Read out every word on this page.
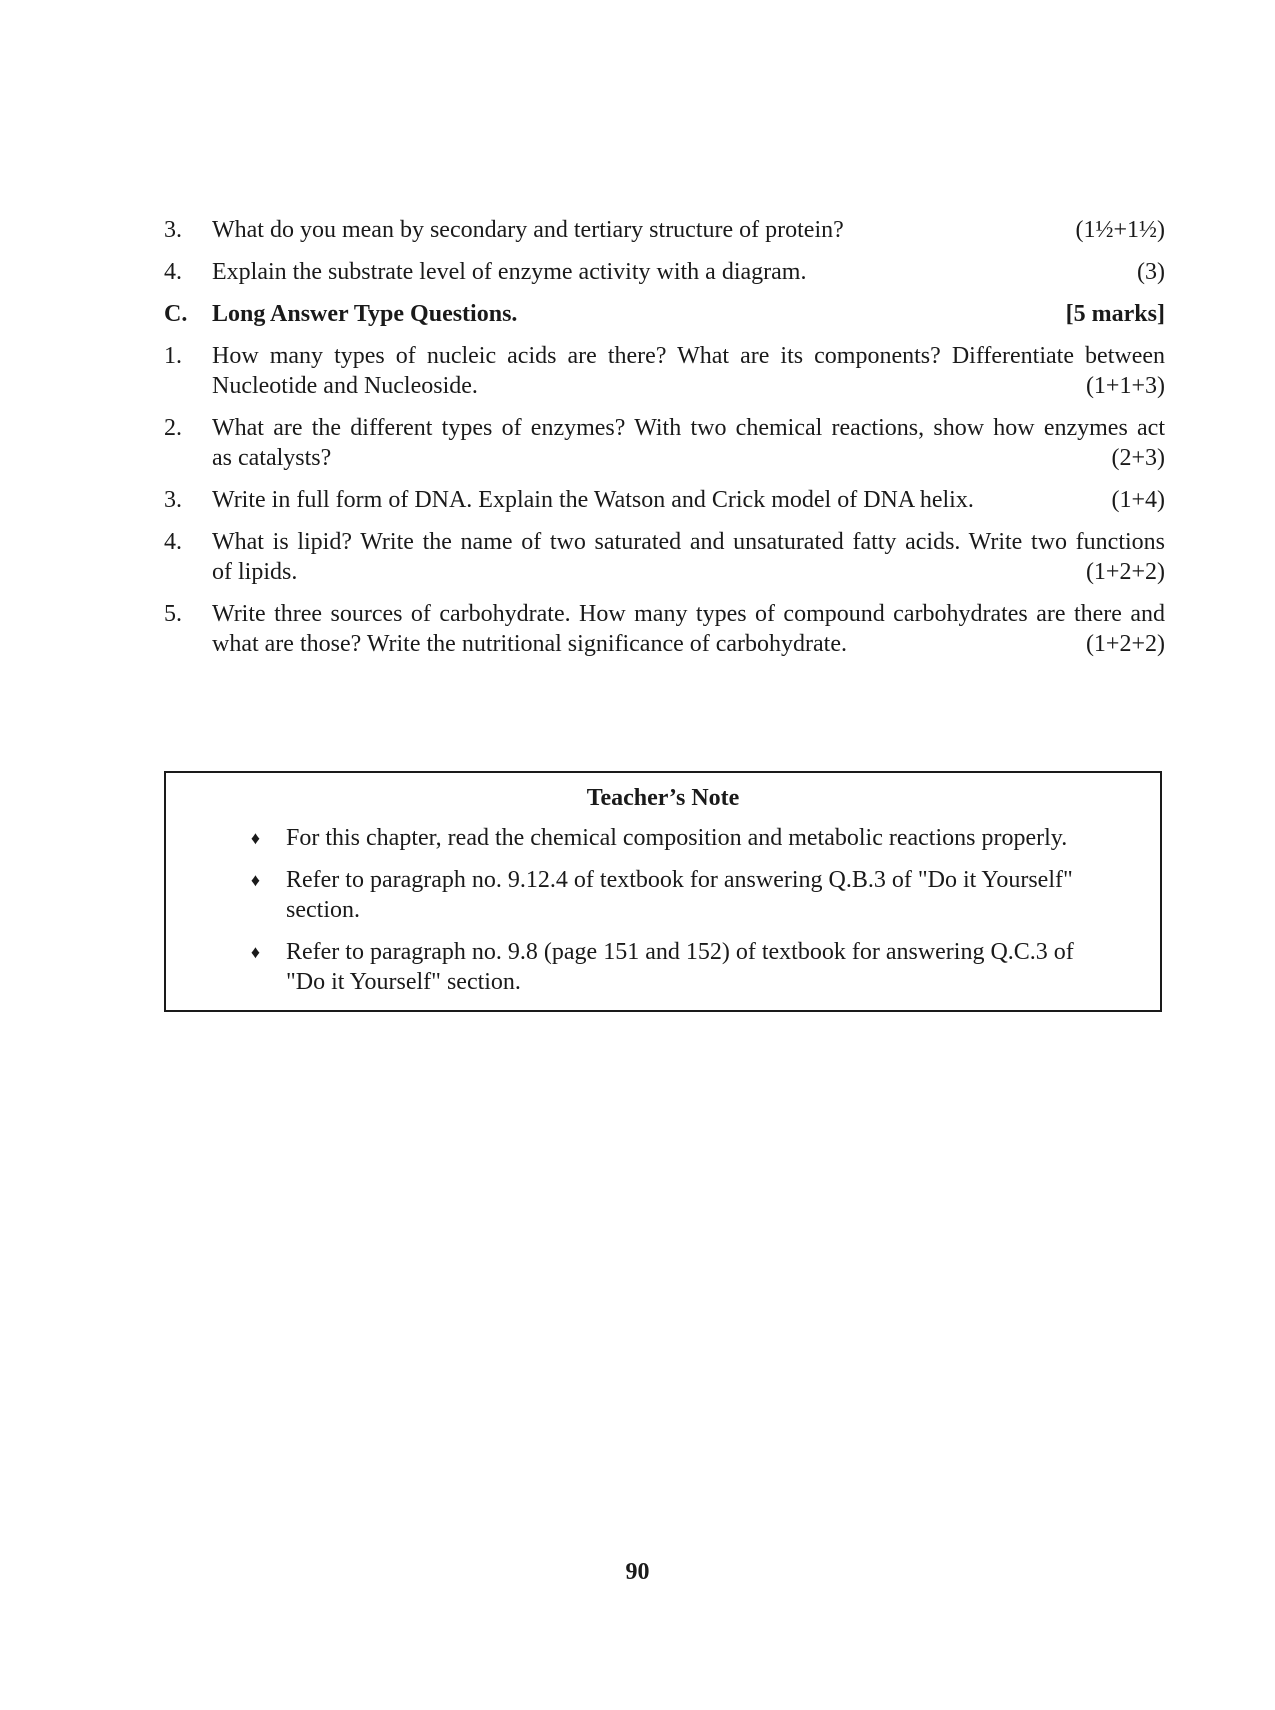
3.	What do you mean by secondary and tertiary structure of protein?	(1½+1½)
4.	Explain the substrate level of enzyme activity with a diagram.	(3)
C.	Long Answer Type Questions.	[5 marks]
1.	How many types of nucleic acids are there? What are its components? Differentiate between
Nucleotide and Nucleoside.	(1+1+3)
2.	What are the different types of enzymes? With two chemical reactions, show how enzymes act
as catalysts?	(2+3)
3.	Write in full form of DNA. Explain the Watson and Crick model of DNA helix.	(1+4)
4.	What is lipid? Write the name of two saturated and unsaturated fatty acids. Write two functions
of lipids.	(1+2+2)
5.	Write three sources of carbohydrate. How many types of compound carbohydrates are there and
what are those? Write the nutritional significance of carbohydrate.	(1+2+2)
Teacher’s Note
♦	For this chapter, read the chemical composition and metabolic reactions properly.
♦	Refer to paragraph no. 9.12.4 of textbook for answering Q.B.3 of "Do it Yourself" section.
♦	Refer to paragraph no. 9.8 (page 151 and 152) of textbook for answering Q.C.3 of "Do it Yourself" section.
90
